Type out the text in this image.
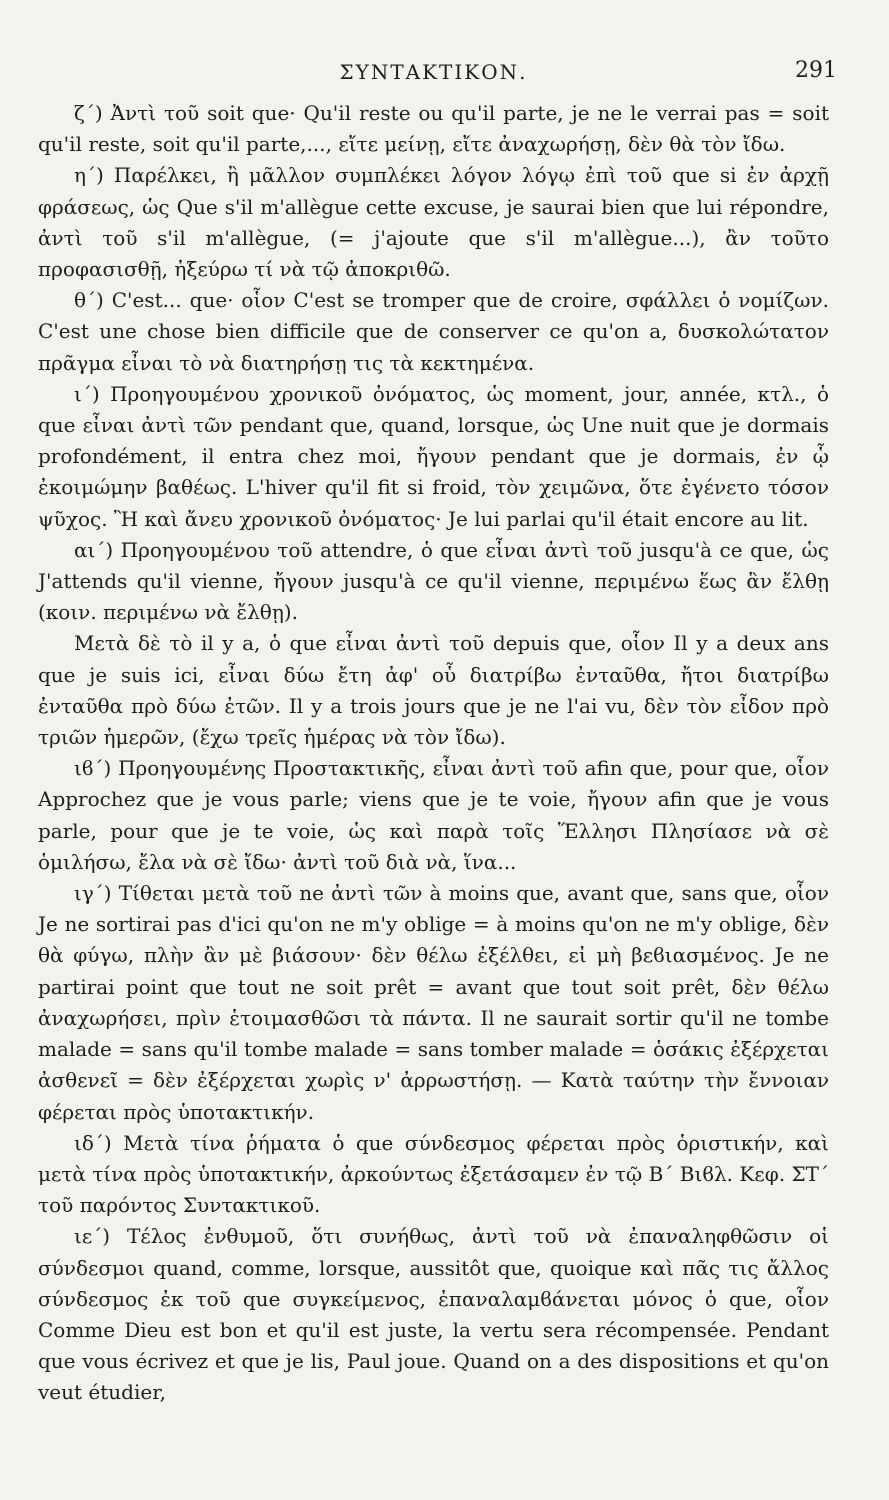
ΣΥΝΤΑΚΤΙΚΟΝ.	291

ζ΄) Ἀντὶ τοῦ soit que· Qu'il reste ou qu'il parte, je ne le verrai pas = soit qu'il reste, soit qu'il parte,..., εἴτε μείνῃ, εἴτε ἀναχωρήσῃ, δὲν θὰ τὸν ἴδω.

η΄) Παρέλκει, ἢ μᾶλλον συμπλέκει λόγον λόγῳ ἐπὶ τοῦ que si ἐν ἀρχῇ φράσεως, ὡς Que s'il m'allègue cette excuse, je saurai bien que lui répondre, ἀντὶ τοῦ s'il m'allègue, (= j'ajoute que s'il m'allègue...), ἂν τοῦτο προφασισθῇ, ἠξεύρω τί νὰ τῷ ἀποκριθῶ.

θ΄) C'est... que· οἷον C'est se tromper que de croire, σφάλλει ὁ νομίζων. C'est une chose bien difficile que de conserver ce qu'on a, δυσκολώτατον πρᾶγμα εἶναι τὸ νὰ διατηρήσῃ τις τὰ κεκτημένα.

ι΄) Προηγουμένου χρονικοῦ ὀνόματος, ὡς moment, jour, année, κτλ., ὁ que εἶναι ἀντὶ τῶν pendant que, quand, lorsque, ὡς Une nuit que je dormais profondément, il entra chez moi, ἤγουν pendant que je dormais, ἐν ᾧ ἐκοιμώμην βαθέως. L'hiver qu'il fit si froid, τὸν χειμῶνα, ὅτε ἐγένετο τόσον ψῦχος. Ἢ καὶ ἄνευ χρονικοῦ ὀνόματος· Je lui parlai qu'il était encore au lit.

αι΄) Προηγουμένου τοῦ attendre, ὁ que εἶναι ἀντὶ τοῦ jusqu'à ce que, ὡς J'attends qu'il vienne, ἤγουν jusqu'à ce qu'il vienne, περιμένω ἕως ἂν ἔλθῃ (κοιν. περιμένω νὰ ἔλθῃ).

Μετὰ δὲ τὸ il y a, ὁ que εἶναι ἀντὶ τοῦ depuis que, οἷον Il y a deux ans que je suis ici, εἶναι δύω ἔτη ἀφ' οὗ διατρίβω ἐνταῦθα, ἤτοι διατρίβω ἐνταῦθα πρὸ δύω ἐτῶν. Il y a trois jours que je ne l'ai vu, δὲν τὸν εἶδον πρὸ τριῶν ἡμερῶν, (ἔχω τρεῖς ἡμέρας νὰ τὸν ἴδω).

ιϐ΄) Προηγουμένης Προστακτικῆς, εἶναι ἀντὶ τοῦ afin que, pour que, οἷον Approchez que je vous parle; viens que je te voie, ἤγουν afin que je vous parle, pour que je te voie, ὡς καὶ παρὰ τοῖς Ἕλλησι Πλησίασε νὰ σὲ ὁμιλήσω, ἔλα νὰ σὲ ἴδω· ἀντὶ τοῦ διὰ νὰ, ἵνα...

ιγ΄) Τίθεται μετὰ τοῦ ne ἀντὶ τῶν à moins que, avant que, sans que, οἷον Je ne sortirai pas d'ici qu'on ne m'y oblige = à moins qu'on ne m'y oblige, δὲν θὰ φύγω, πλὴν ἂν μὲ βιάσουν· δὲν θέλω ἐξέλθει, εἰ μὴ βεϐιασμένος. Je ne partirai point que tout ne soit prêt = avant que tout soit prêt, δὲν θέλω ἀναχωρήσει, πρὶν ἑτοιμασθῶσι τὰ πάντα. Il ne saurait sortir qu'il ne tombe malade = sans qu'il tombe malade = sans tomber malade = ὁσάκις ἐξέρχεται ἀσθενεῖ = δὲν ἐξέρχεται χωρὶς ν' ἀρρωστήσῃ. — Κατὰ ταύτην τὴν ἔννοιαν φέρεται πρὸς ὑποτακτικήν.

ιδ΄) Μετὰ τίνα ῥήματα ὁ que σύνδεσμος φέρεται πρὸς ὁριστικήν, καὶ μετὰ τίνα πρὸς ὑποτακτικήν, ἀρκούντως ἐξετάσαμεν ἐν τῷ Β΄ Βιϐλ. Κεφ. ΣΤ΄ τοῦ παρόντος Συντακτικοῦ.

ιε΄) Τέλος ἐνθυμοῦ, ὅτι συνήθως, ἀντὶ τοῦ νὰ ἐπαναληφθῶσιν οἱ σύνδεσμοι quand, comme, lorsque, aussitôt que, quoique καὶ πᾶς τις ἄλλος σύνδεσμος ἐκ τοῦ que συγκείμενος, ἐπαναλαμϐάνεται μόνος ὁ que, οἷον Comme Dieu est bon et qu'il est juste, la vertu sera récompensée. Pendant que vous écrivez et que je lis, Paul joue. Quand on a des dispositions et qu'on veut étudier,
